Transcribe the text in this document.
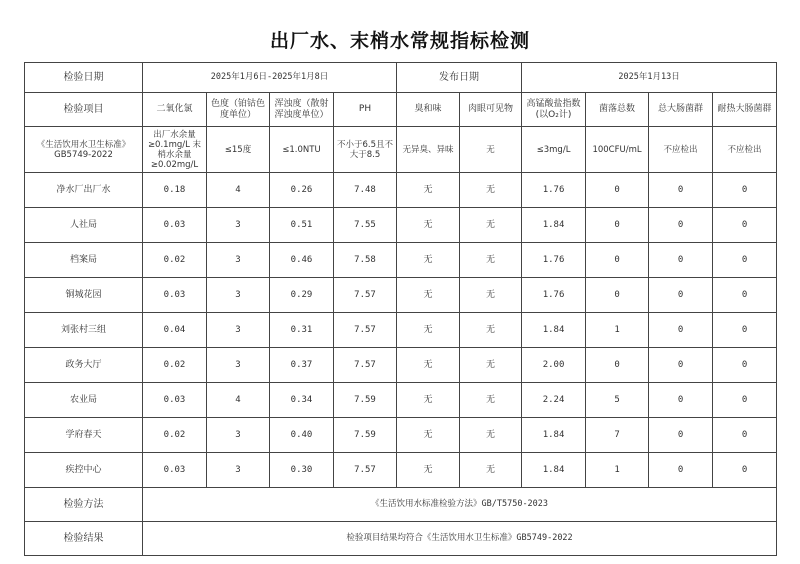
出厂水、末梢水常规指标检测
检验日期	2025年1月6日-2025年1月8日				发布日期		2025年1月13日			
检验项目	二氧化氯	色度（铂钴色度单位）	浑浊度（散射浑浊度单位）	PH	臭和味	肉眼可见物	高锰酸盐指数(以O₂计)	菌落总数	总大肠菌群	耐热大肠菌群
《生活饮用水卫生标准》GB5749-2022	出厂水余量≥0.1mg/L 末梢水余量≥0.02mg/L	≤15度	≤1.0NTU	不小于6.5且不大于8.5	无异臭、异味	无	≤3mg/L	100CFU/mL	不应检出	不应检出
净水厂出厂水	0.18	4	0.26	7.48	无	无	1.76	0	0	0
人社局	0.03	3	0.51	7.55	无	无	1.84	0	0	0
档案局	0.02	3	0.46	7.58	无	无	1.76	0	0	0
铜城花园	0.03	3	0.29	7.57	无	无	1.76	0	0	0
刘张村三组	0.04	3	0.31	7.57	无	无	1.84	1	0	0
政务大厅	0.02	3	0.37	7.57	无	无	2.00	0	0	0
农业局	0.03	4	0.34	7.59	无	无	2.24	5	0	0
学府春天	0.02	3	0.40	7.59	无	无	1.84	7	0	0
疾控中心	0.03	3	0.30	7.57	无	无	1.84	1	0	0
检验方法	《生活饮用水标准检验方法》GB/T5750-2023									
检验结果	检验项目结果均符合《生活饮用水卫生标准》GB5749-2022									
